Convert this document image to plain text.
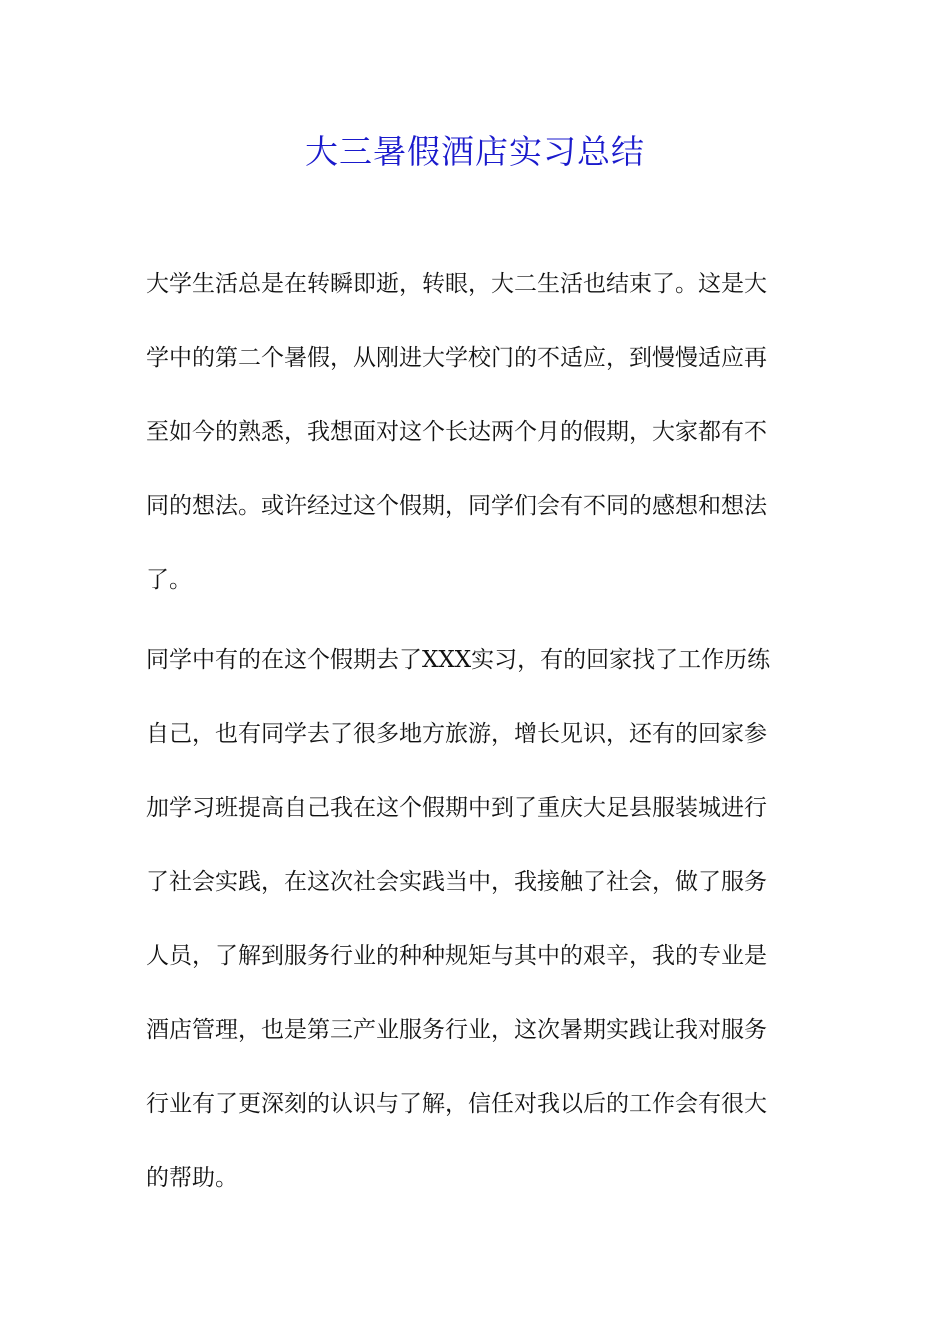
大三暑假酒店实习总结
大学生活总是在转瞬即逝，转眼，大二生活也结束了。这是大
学中的第二个暑假，从刚进大学校门的不适应，到慢慢适应再
至如今的熟悉，我想面对这个长达两个月的假期，大家都有不
同的想法。或许经过这个假期，同学们会有不同的感想和想法
了。
同学中有的在这个假期去了XXX实习，有的回家找了工作历练
自己，也有同学去了很多地方旅游，增长见识，还有的回家参
加学习班提高自己我在这个假期中到了重庆大足县服装城进行
了社会实践，在这次社会实践当中，我接触了社会，做了服务
人员，了解到服务行业的种种规矩与其中的艰辛，我的专业是
酒店管理，也是第三产业服务行业，这次暑期实践让我对服务
行业有了更深刻的认识与了解，信任对我以后的工作会有很大
的帮助。
